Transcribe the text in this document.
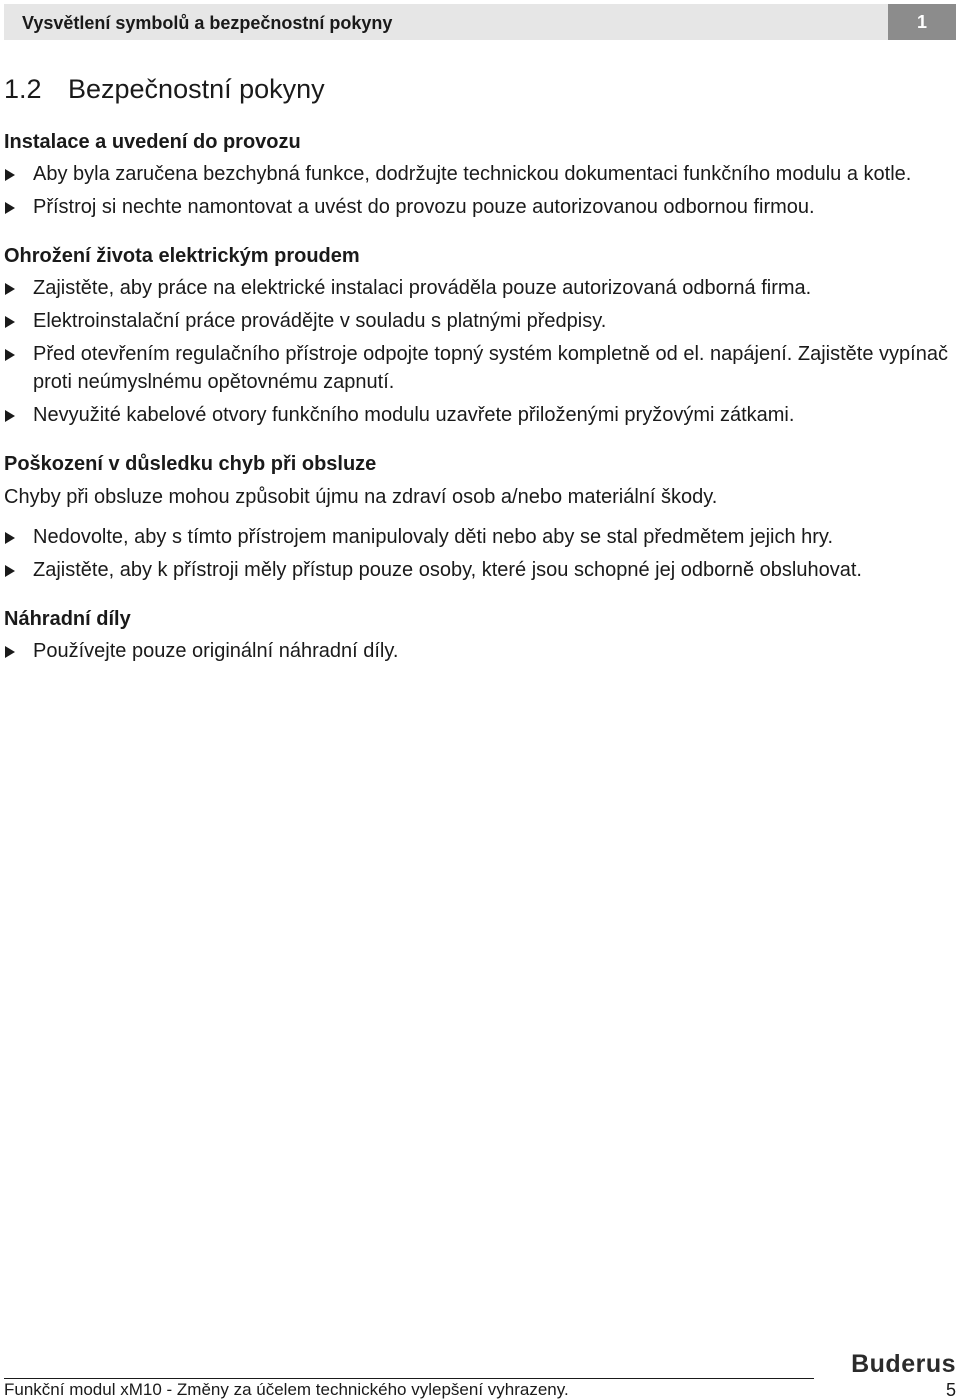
Vysvětlení symbolů a bezpečnostní pokyny	1
1.2 Bezpečnostní pokyny
Instalace a uvedení do provozu
Aby byla zaručena bezchybná funkce, dodržujte technickou dokumentaci funkčního modulu a kotle.
Přístroj si nechte namontovat a uvést do provozu pouze autorizovanou odbornou firmou.
Ohrožení života elektrickým proudem
Zajistěte, aby práce na elektrické instalaci prováděla pouze autorizovaná odborná firma.
Elektroinstalační práce provádějte v souladu s platnými předpisy.
Před otevřením regulačního přístroje odpojte topný systém kompletně od el. napájení. Zajistěte vypínač proti neúmyslnému opětovnému zapnutí.
Nevyužité kabelové otvory funkčního modulu uzavřete přiloženými pryžovými zátkami.
Poškození v důsledku chyb při obsluze

Chyby při obsluze mohou způsobit újmu na zdraví osob a/nebo materiální škody.

Nedovolte, aby s tímto přístrojem manipulovaly děti nebo aby se stal předmětem jejich hry.
Zajistěte, aby k přístroji měly přístup pouze osoby, které jsou schopné jej odborně obsluhovat.
Náhradní díly
Používejte pouze originální náhradní díly.
Buderus
Funkční modul xM10 - Změny za účelem technického vylepšení vyhrazeny.	5
